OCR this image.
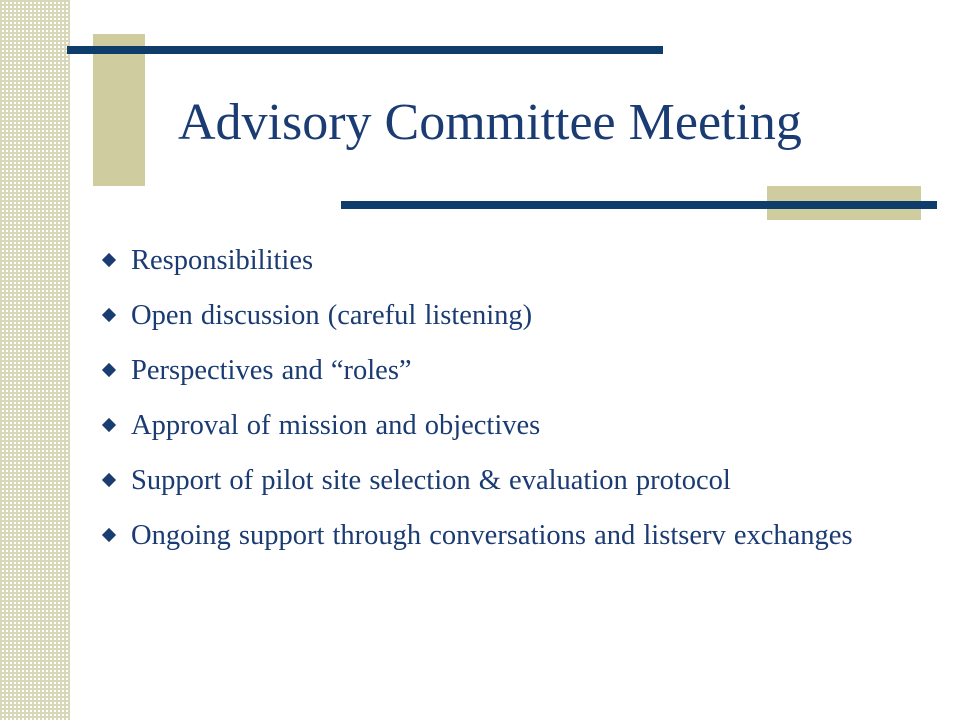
Advisory Committee Meeting
Responsibilities
Open discussion (careful listening)
Perspectives and “roles”
Approval of mission and objectives
Support of pilot site selection & evaluation protocol
Ongoing support through conversations and listserv exchanges
